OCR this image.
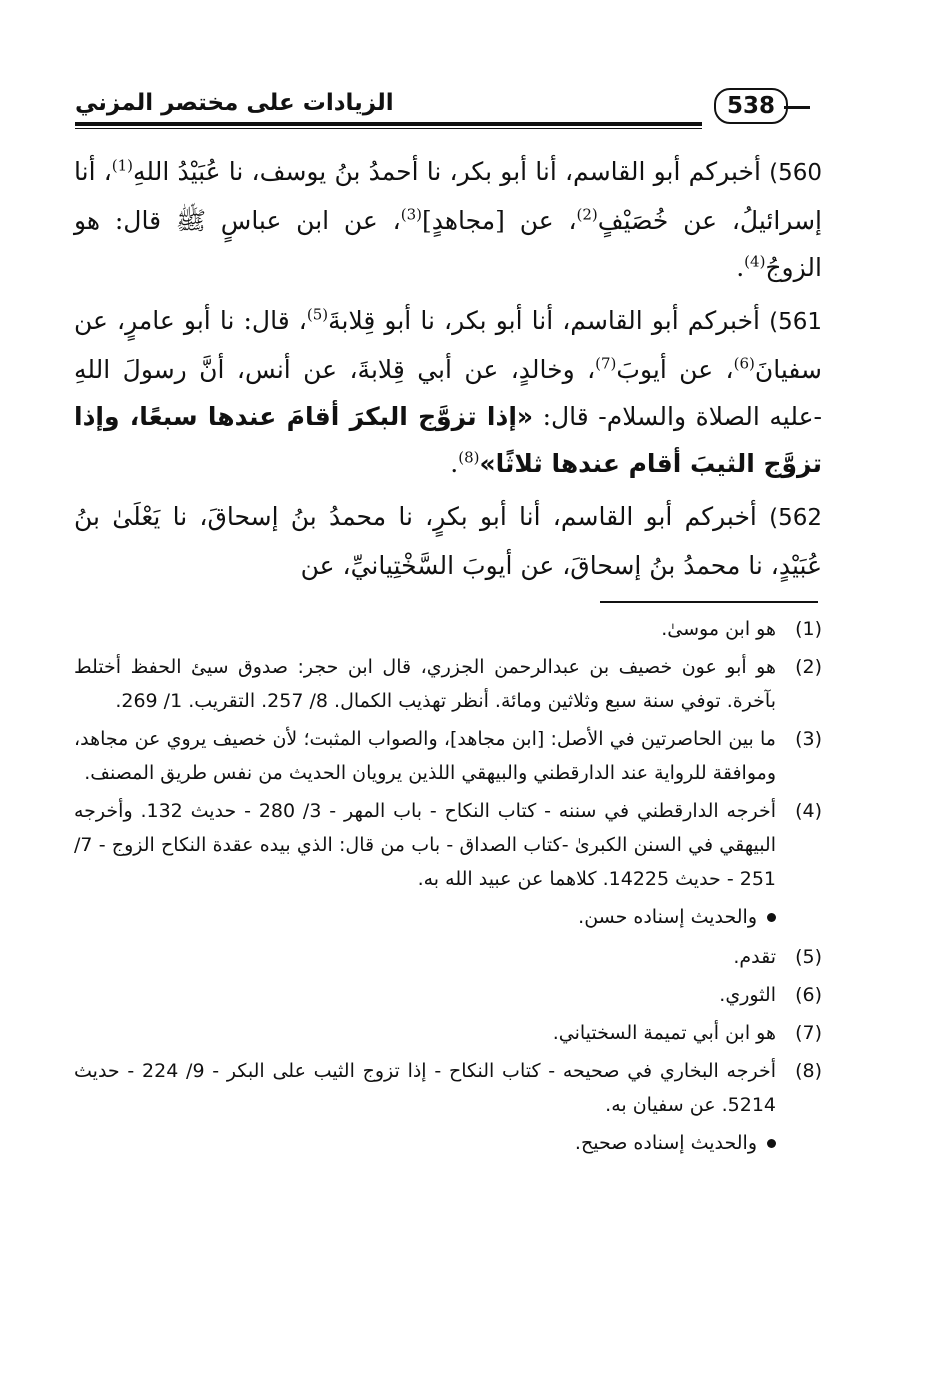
الزيادات على مختصر المزني	538

560) أخبركم أبو القاسم، أنا أبو بكر، نا أحمدُ بنُ يوسف، نا عُبَيْدُ اللهِ$^{(1)}$، أنا إسرائيلُ، عن خُصَيْفٍ$^{(2)}$، عن [مجاهدٍ]$^{(3)}$، عن ابن عباسٍ ﷺ قال: هو الزوجُ$^{(4)}$.

561) أخبركم أبو القاسم، أنا أبو بكر، نا أبو قِلابةَ$^{(5)}$، قال: نا أبو عامرٍ، عن سفيانَ$^{(6)}$، عن أيوبَ$^{(7)}$، وخالدٍ، عن أبي قِلابةَ، عن أنس، أنَّ رسولَ اللهِ -عليه الصلاة والسلام- قال: «إذا تزوَّج البكرَ أقامَ عندها سبعًا، وإذا تزوَّج الثيبَ أقام عندها ثلاثًا»$^{(8)}$.

562) أخبركم أبو القاسم، أنا أبو بكرٍ، نا محمدُ بنُ إسحاقَ، نا يَعْلَىٰ بنُ عُبَيْدٍ، نا محمدُ بنُ إسحاقَ، عن أيوبَ السَّخْتِيانيِّ، عن

(1)
هو ابن موسىٰ.
(2)
هو أبو عون خصيف بن عبدالرحمن الجزري، قال ابن حجر: صدوق سيئ الحفظ أختلط بآخرة. توفي سنة سبع وثلاثين ومائة. أنظر تهذيب الكمال. 8/ 257. التقريب. 1/ 269.
(3)
ما بين الحاصرتين في الأصل: [ابن مجاهد]، والصواب المثبت؛ لأن خصيف يروي عن مجاهد، وموافقة للرواية عند الدارقطني والبيهقي اللذين يرويان الحديث من نفس طريق المصنف.
(4)
أخرجه الدارقطني في سننه - كتاب النكاح - باب المهر - 3/ 280 - حديث 132. وأخرجه البيهقي في السنن الكبرىٰ -كتاب الصداق - باب من قال: الذي بيده عقدة النكاح الزوج - 7/ 251 - حديث 14225. كلاهما عن عبيد الله به.
والحديث إسناده حسن.
(5)
تقدم.
(6)
الثوري.
(7)
هو ابن أبي تميمة السختياني.
(8)
أخرجه البخاري في صحيحه - كتاب النكاح - إذا تزوج الثيب على البكر - 9/ 224 - حديث 5214. عن سفيان به.
والحديث إسناده صحيح.
